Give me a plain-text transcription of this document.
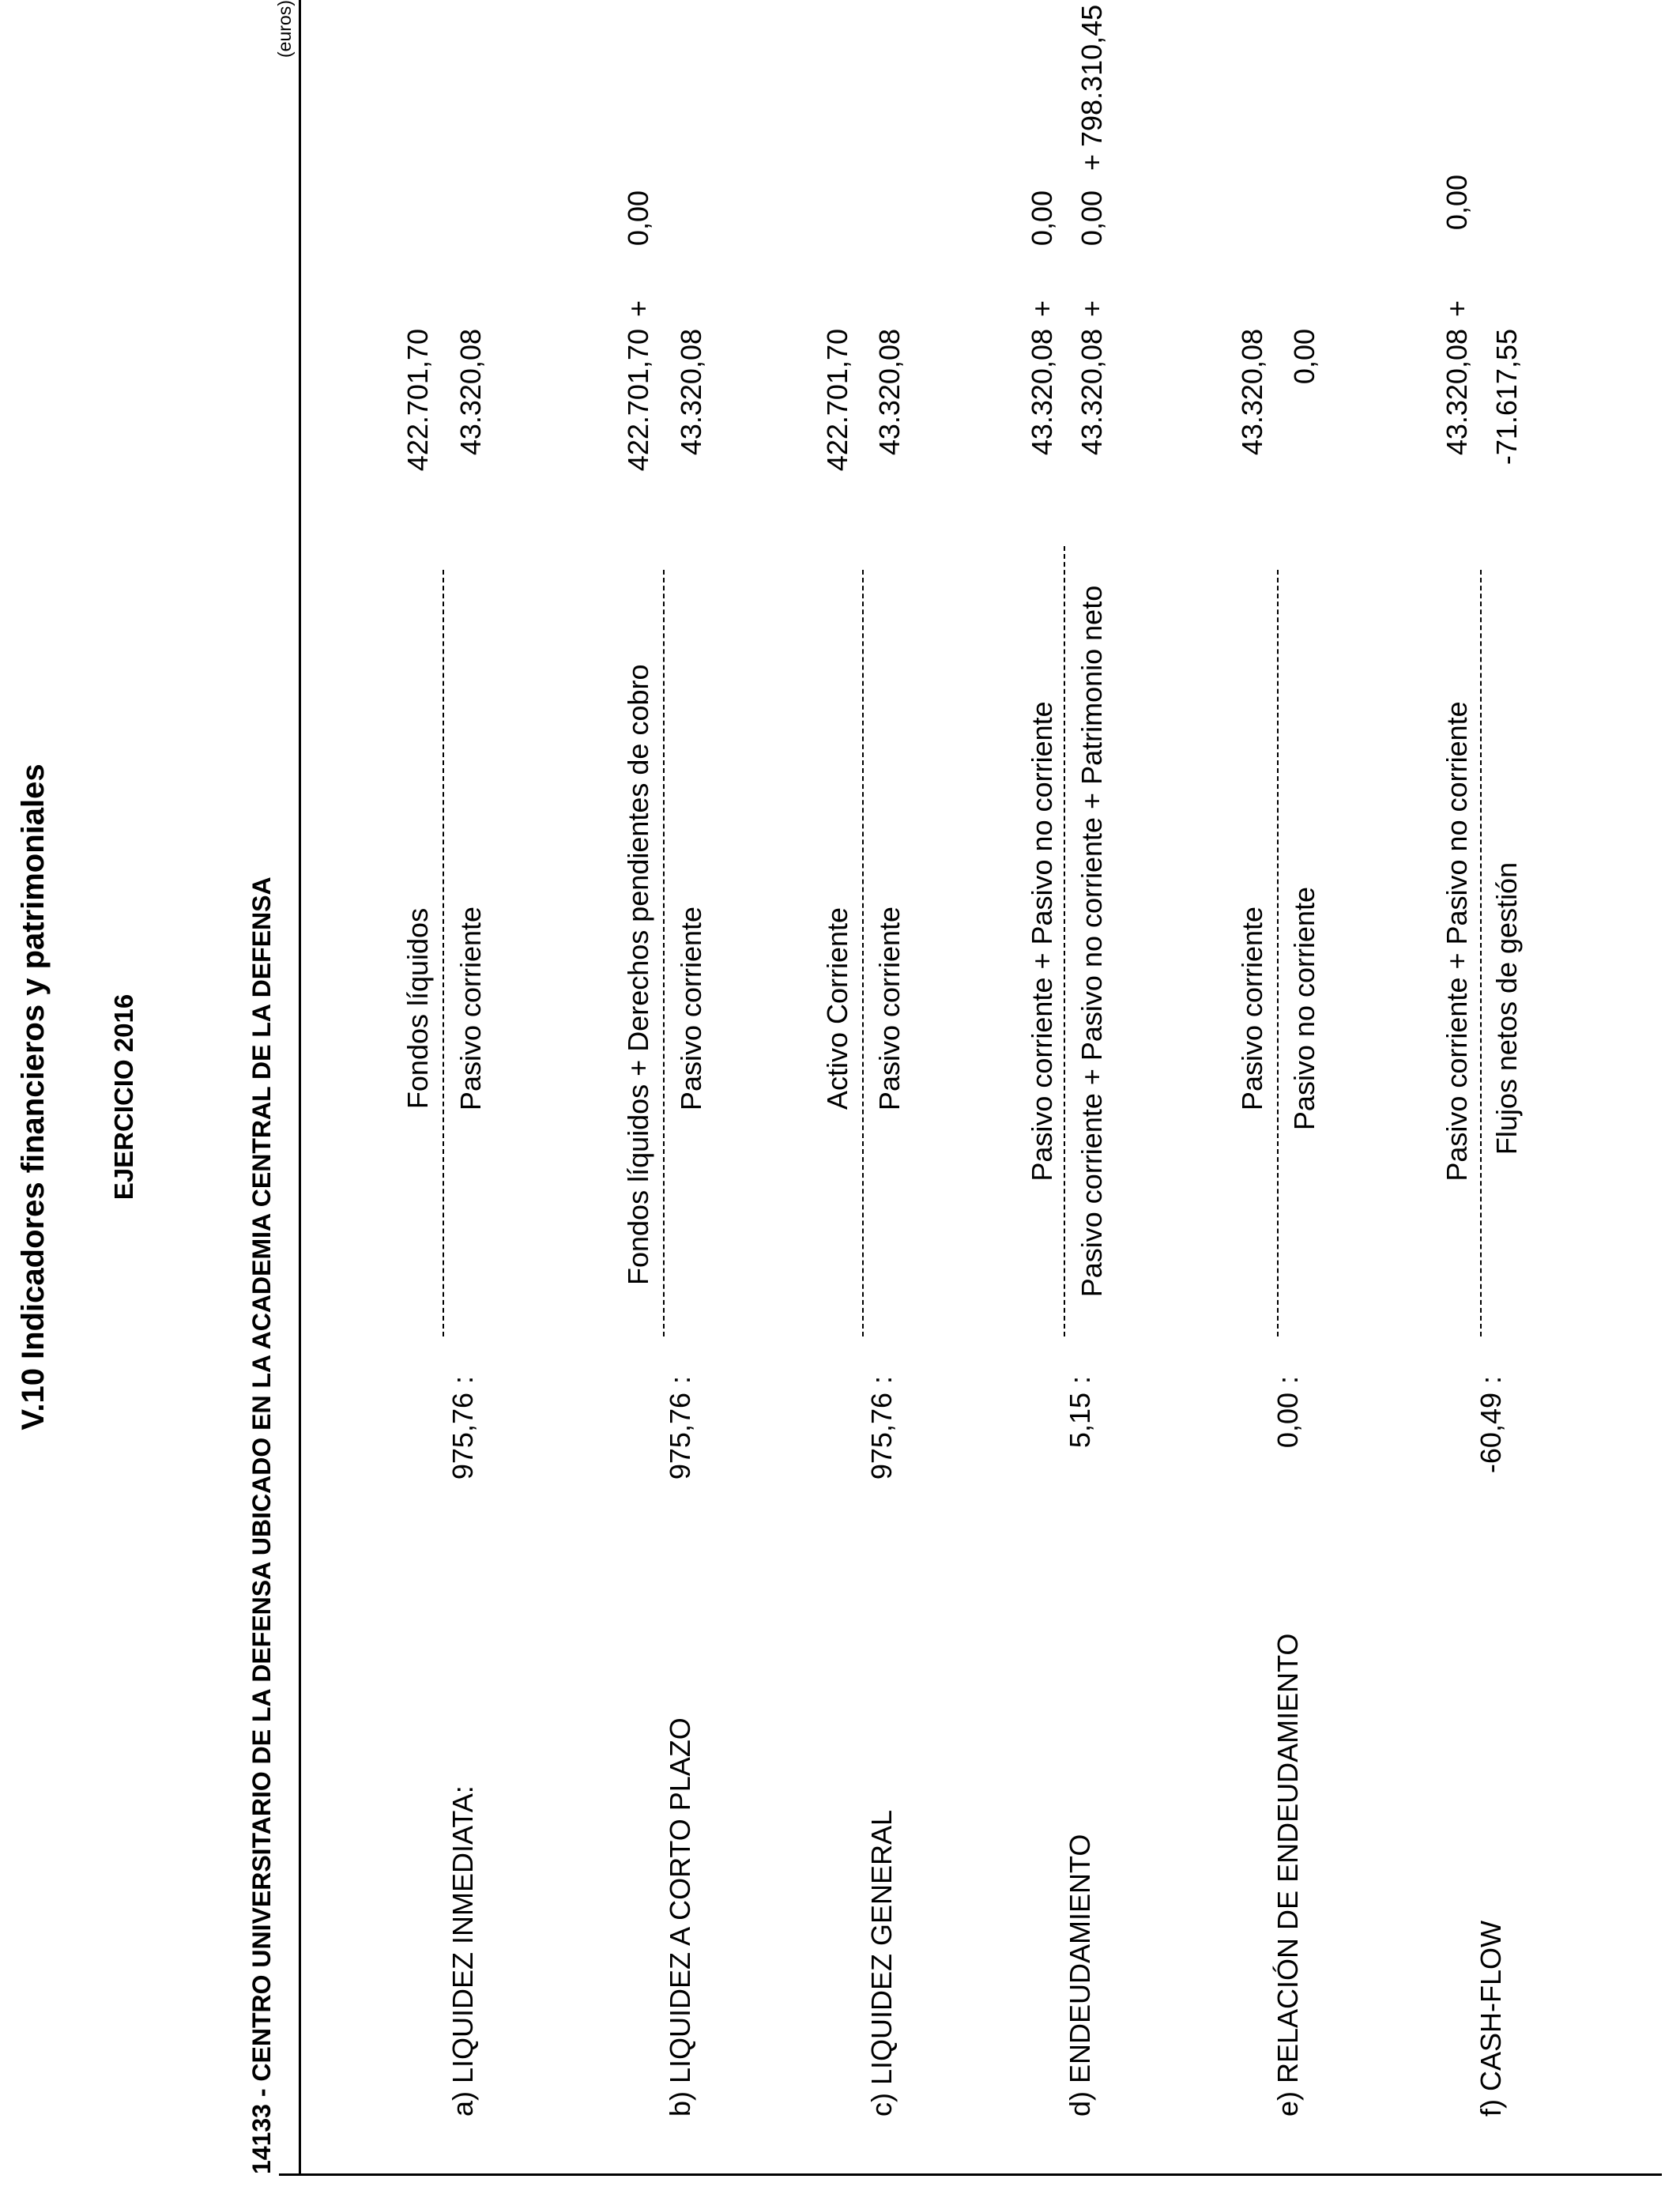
V.10 Indicadores financieros y patrimoniales EJERCICIO 2016	14133 - CENTRO UNIVERSITARIO DE LA DEFENSA UBICADO EN LA ACADEMIA CENTRAL DE LA DEFENSA
(euros)
a) LIQUIDEZ INMEDIATA:
975,76
:
Fondos líquidos Pasivo corriente
422.701,70 43.320,08
b) LIQUIDEZ A CORTO PLAZO
975,76
:
Fondos líquidos + Derechos pendientes de cobro Pasivo corriente
422.701,70
+
0,00
43.320,08
c) LIQUIDEZ GENERAL
975,76
:
Activo Corriente Pasivo corriente
422.701,70 43.320,08
d) ENDEUDAMIENTO
5,15
:
Pasivo corriente + Pasivo no corriente Pasivo corriente + Pasivo no corriente + Patrimonio neto
43.320,08
+
0,00
43.320,08
+
0,00
+
798.310,45
e) RELACIÓN DE ENDEUDAMIENTO
0,00
:
Pasivo corriente Pasivo no corriente
43.320,08 0,00
f) CASH-FLOW
-60,49
:
Pasivo corriente + Pasivo no corriente Flujos netos de gestión
43.320,08
+
0,00
-71.617,55
